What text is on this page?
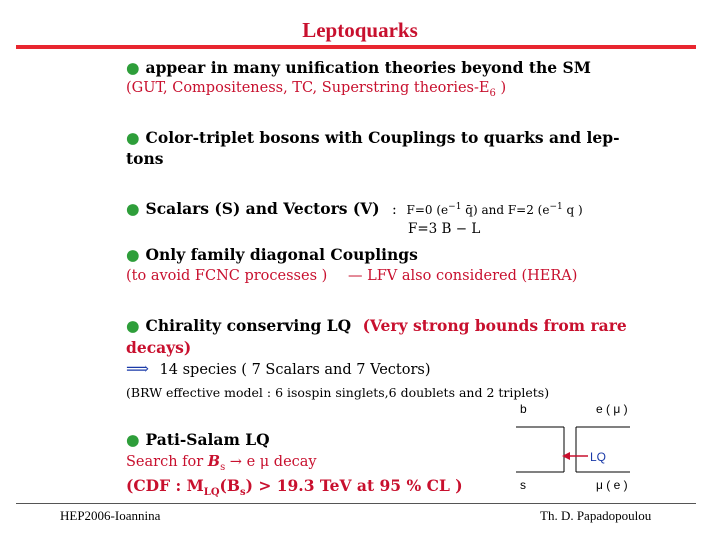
Leptoquarks
● appear in many unification theories beyond the SM
(GUT, Compositeness, TC, Superstring theories-$E_6$ )
● Color-triplet bosons with Couplings to quarks and lep-
tons
● Scalars (S) and Vectors (V) : F=0 ($e^{-1}$ q̄) and F=2 ($e^{-1}$ q )
F=3 B − L
● Only family diagonal Couplings
(to avoid FCNC processes ) — LFV also considered (HERA)
● Chirality conserving LQ (Very strong bounds from rare
decays)
⟹ 14 species ( 7 Scalars and 7 Vectors)
(BRW effective model : 6 isospin singlets,6 doublets and 2 triplets)
● Pati-Salam LQ
Search for $B_s \to e$ μ decay
(CDF : $M_{LQ}(B_s) > 19.3$ TeV at 95 % CL )
b	e ( μ )
LQ
s	μ ( e )
HEP2006-Ioannina	Th. D. Papadopoulou
